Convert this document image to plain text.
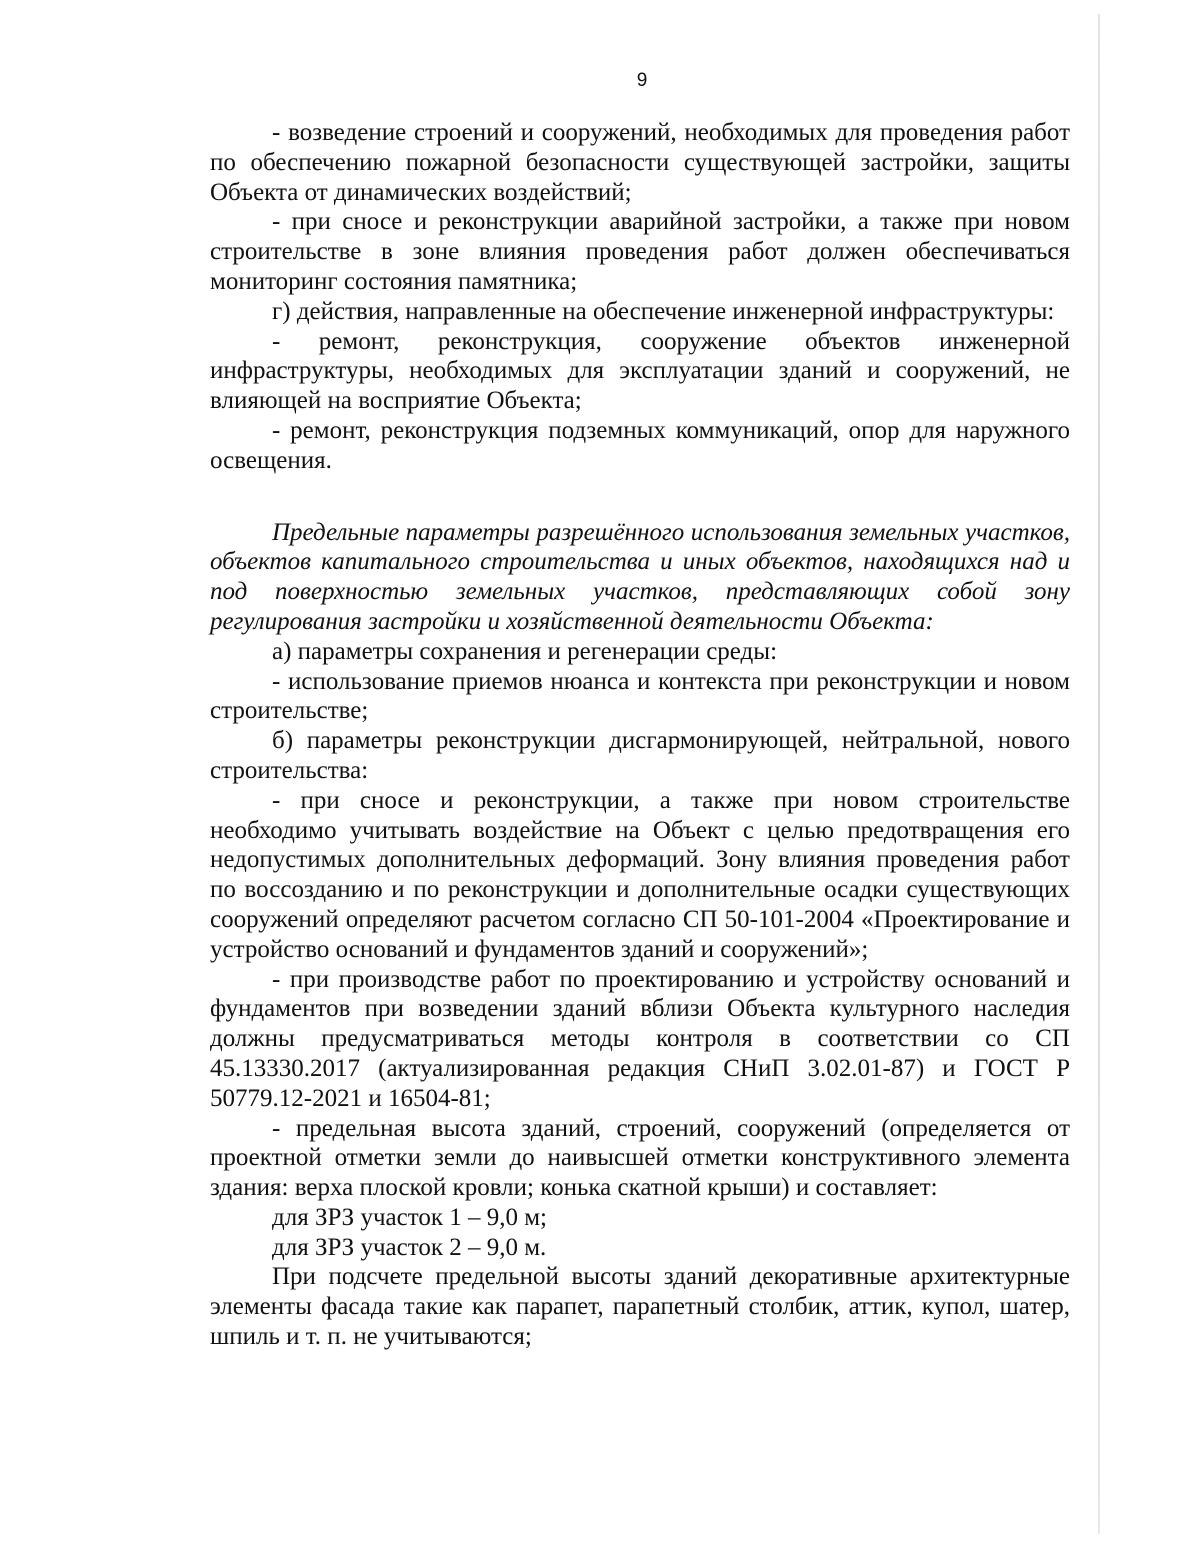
9

- возведение строений и сооружений, необходимых для проведения работ по обеспечению пожарной безопасности существующей застройки, защиты Объекта от динамических воздействий;

- при сносе и реконструкции аварийной застройки, а также при новом строительстве в зоне влияния проведения работ должен обеспечиваться мониторинг состояния памятника;

г) действия, направленные на обеспечение инженерной инфраструктуры:

- ремонт, реконструкция, сооружение объектов инженерной инфраструктуры, необходимых для эксплуатации зданий и сооружений, не влияющей на восприятие Объекта;

- ремонт, реконструкция подземных коммуникаций, опор для наружного освещения.

Предельные параметры разрешённого использования земельных участков, объектов капитального строительства и иных объектов, находящихся над и под поверхностью земельных участков, представляющих собой зону регулирования застройки и хозяйственной деятельности Объекта:

а) параметры сохранения и регенерации среды:

- использование приемов нюанса и контекста при реконструкции и новом строительстве;

б) параметры реконструкции дисгармонирующей, нейтральной, нового строительства:

- при сносе и реконструкции, а также при новом строительстве необходимо учитывать воздействие на Объект с целью предотвращения его недопустимых дополнительных деформаций. Зону влияния проведения работ по воссозданию и по реконструкции и дополнительные осадки существующих сооружений определяют расчетом согласно СП 50-101-2004 «Проектирование и устройство оснований и фундаментов зданий и сооружений»;

- при производстве работ по проектированию и устройству оснований и фундаментов при возведении зданий вблизи Объекта культурного наследия должны предусматриваться методы контроля в соответствии со СП 45.13330.2017 (актуализированная редакция СНиП 3.02.01-87) и ГОСТ Р 50779.12-2021 и 16504-81;

- предельная высота зданий, строений, сооружений (определяется от проектной отметки земли до наивысшей отметки конструктивного элемента здания: верха плоской кровли; конька скатной крыши) и составляет:

для ЗРЗ участок 1 – 9,0 м;

для ЗРЗ участок 2 – 9,0 м.

При подсчете предельной высоты зданий декоративные архитектурные элементы фасада такие как парапет, парапетный столбик, аттик, купол, шатер, шпиль и т. п. не учитываются;
